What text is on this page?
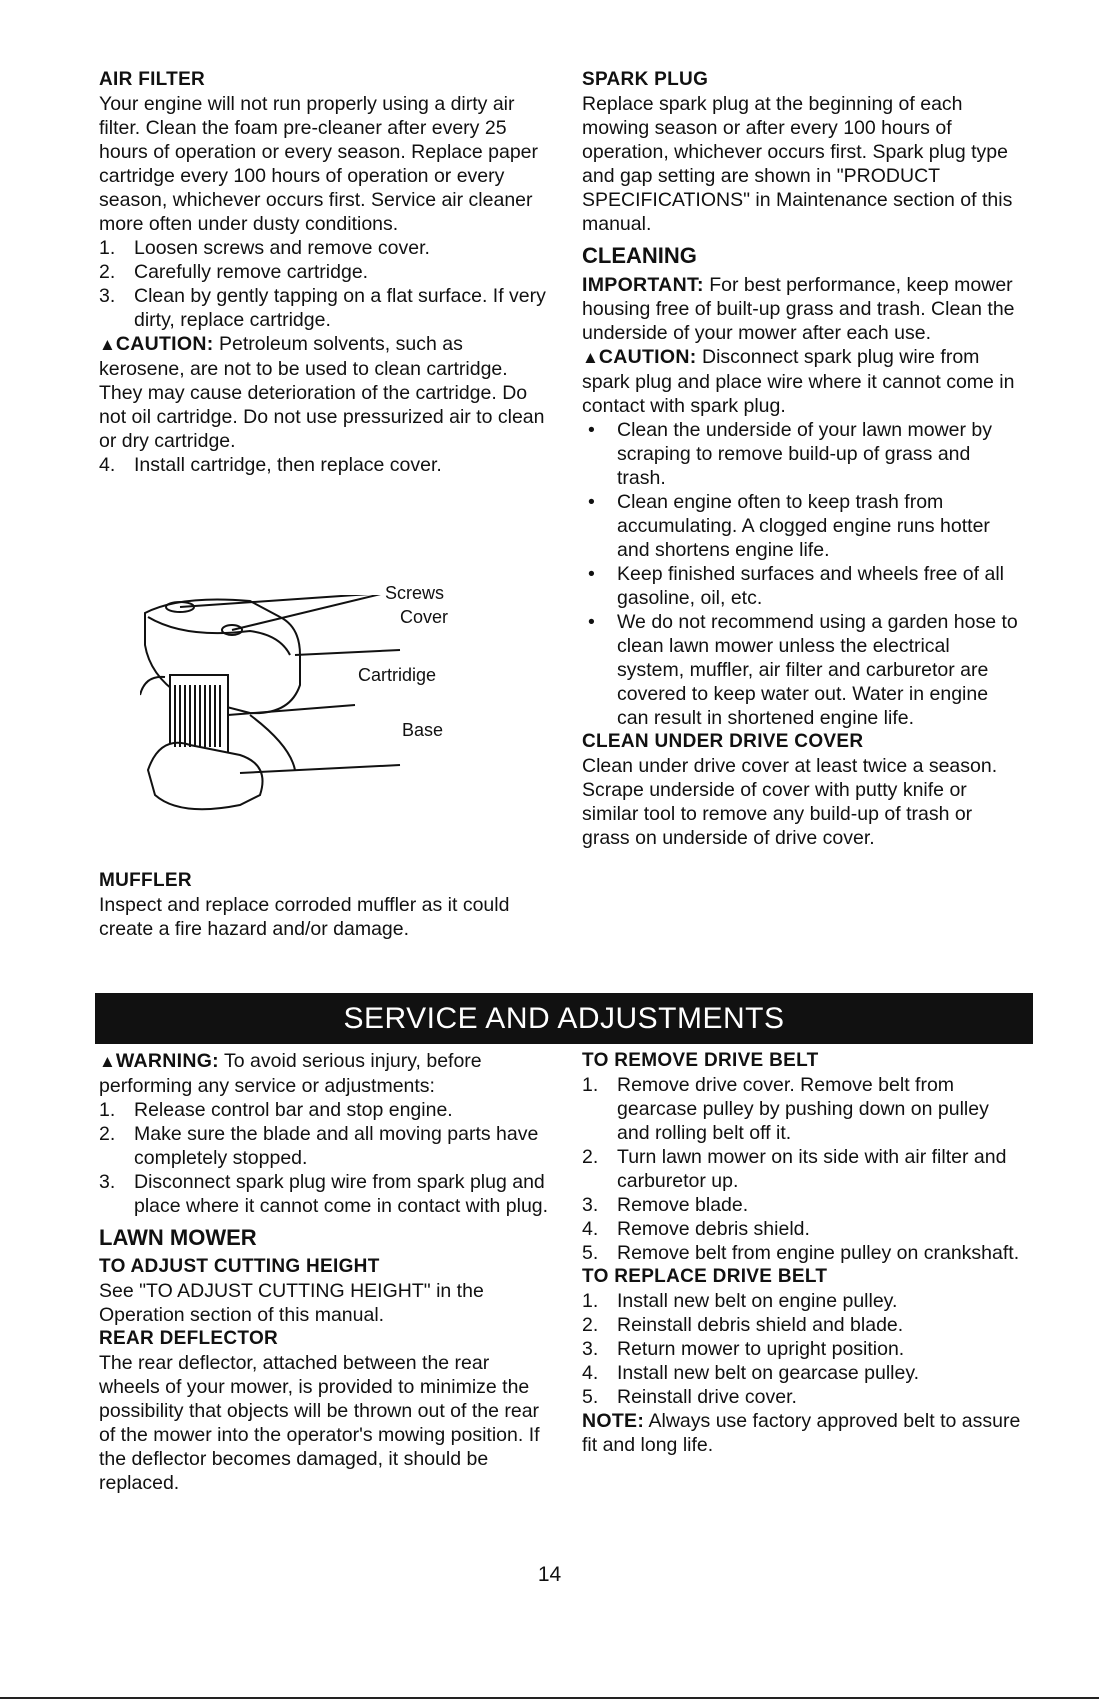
AIR FILTER

Your engine will not run properly using a dirty air filter. Clean the foam pre-cleaner after every 25 hours of operation or every season. Replace paper cartridge every 100 hours of operation or every season, whichever occurs first. Service air cleaner more often under dusty conditions.

1. Loosen screws and remove cover.
2. Carefully remove cartridge.
3. Clean by gently tapping on a flat surface. If very dirty, replace cartridge.

▲CAUTION: Petroleum solvents, such as kerosene, are not to be used to clean cartridge. They may cause deterioration of the cartridge. Do not oil cartridge. Do not use pressurized air to clean or dry cartridge.

4. Install cartridge, then replace cover.
Screws
Cover
Cartridige
Base

MUFFLER

Inspect and replace corroded muffler as it could create a fire hazard and/or damage.

SPARK PLUG

Replace spark plug at the beginning of each mowing season or after every 100 hours of operation, whichever occurs first. Spark plug type and gap setting are shown in "PRODUCT SPECIFICATIONS" in Maintenance section of this manual.

CLEANING

IMPORTANT: For best performance, keep mower housing free of built-up grass and trash. Clean the underside of your mower after each use.

▲CAUTION: Disconnect spark plug wire from spark plug and place wire where it cannot come in contact with spark plug.

• Clean the underside of your lawn mower by scraping to remove build-up of grass and trash.
• Clean engine often to keep trash from accumulating. A clogged engine runs hotter and shortens engine life.
• Keep finished surfaces and wheels free of all gasoline, oil, etc.
• We do not recommend using a garden hose to clean lawn mower unless the electrical system, muffler, air filter and carburetor are covered to keep water out. Water in engine can result in shortened engine life.

CLEAN UNDER DRIVE COVER

Clean under drive cover at least twice a season. Scrape underside of cover with putty knife or similar tool to remove any build-up of trash or grass on underside of drive cover.

SERVICE AND ADJUSTMENTS

▲WARNING: To avoid serious injury, before performing any service or adjustments:

1. Release control bar and stop engine.
2. Make sure the blade and all moving parts have completely stopped.
3. Disconnect spark plug wire from spark plug and place where it cannot come in contact with plug.

LAWN MOWER

TO ADJUST CUTTING HEIGHT

See "TO ADJUST CUTTING HEIGHT" in the Operation section of this manual.

REAR DEFLECTOR

The rear deflector, attached between the rear wheels of your mower, is provided to minimize the possibility that objects will be thrown out of the rear of the mower into the operator's mowing position. If the deflector becomes damaged, it should be replaced.

TO REMOVE DRIVE BELT

1. Remove drive cover. Remove belt from gearcase pulley by pushing down on pulley and rolling belt off it.
2. Turn lawn mower on its side with air filter and carburetor up.
3. Remove blade.
4. Remove debris shield.
5. Remove belt from engine pulley on crankshaft.

TO REPLACE DRIVE BELT

1. Install new belt on engine pulley.
2. Reinstall debris shield and blade.
3. Return mower to upright position.
4. Install new belt on gearcase pulley.
5. Reinstall drive cover.

NOTE: Always use factory approved belt to assure fit and long life.

14
